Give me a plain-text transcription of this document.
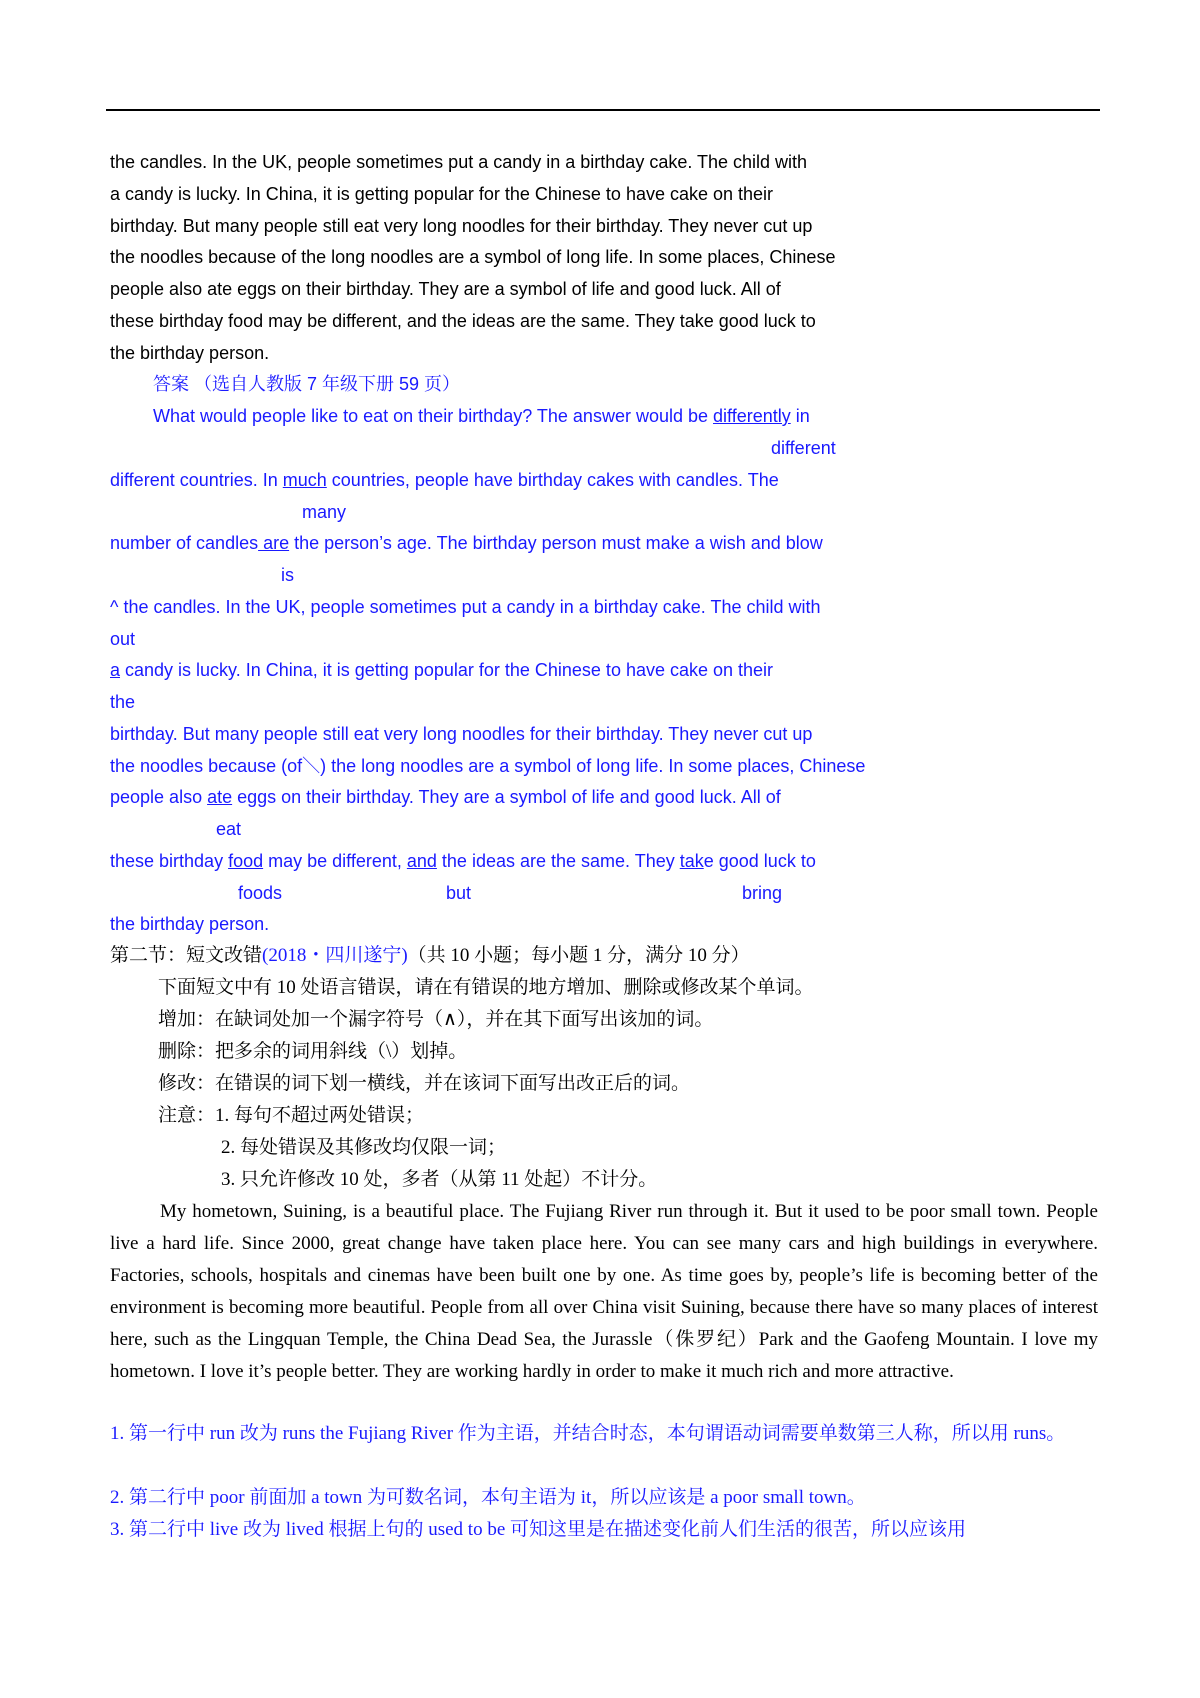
the candles. In the UK, people sometimes put a candy in a birthday cake. The child with
a candy is lucky. In China, it is getting popular for the Chinese to have cake on their
birthday. But many people still eat very long noodles for their birthday. They never cut up
the noodles because of the long noodles are a symbol of long life. In some places, Chinese
people also ate eggs on their birthday. They are a symbol of life and good luck. All of
these birthday food may be different, and the ideas are the same. They take good luck to
the birthday person.
答案 （选自人教版 7 年级下册 59 页）
What would people like to eat on their birthday? The answer would be differently in
different
different countries. In much countries, people have birthday cakes with candles. The
many
number of candles are the person’s age. The birthday person must make a wish and blow
is
^ the candles. In the UK, people sometimes put a candy in a birthday cake. The child with
out
a candy is lucky. In China, it is getting popular for the Chinese to have cake on their
the
birthday. But many people still eat very long noodles for their birthday. They never cut up
the noodles because (of＼) the long noodles are a symbol of long life. In some places, Chinese
people also ate eggs on their birthday. They are a symbol of life and good luck. All of
eat
these birthday food may be different, and the ideas are the same. They take good luck to
foods	but	bring
the birthday person.
第二节：短文改错(2018・四川遂宁)（共 10 小题；每小题 1 分，满分 10 分）
下面短文中有 10 处语言错误，请在有错误的地方增加、删除或修改某个单词。
增加：在缺词处加一个漏字符号（∧），并在其下面写出该加的词。
删除：把多余的词用斜线（\）划掉。
修改：在错误的词下划一横线，并在该词下面写出改正后的词。
注意：1. 每句不超过两处错误；
2. 每处错误及其修改均仅限一词；
3. 只允许修改 10 处，多者（从第 11 处起）不计分。
My hometown, Suining, is a beautiful place. The Fujiang River run through it. But it used to be poor small town. People live a hard life. Since 2000, great change have taken place here. You can see many cars and high buildings in everywhere. Factories, schools, hospitals and cinemas have been built one by one. As time goes by, people’s life is becoming better of the environment is becoming more beautiful. People from all over China visit Suining, because there have so many places of interest here, such as the Lingquan Temple, the China Dead Sea, the Jurassle（侏罗纪）Park and the Gaofeng Mountain. I love my hometown. I love it’s people better. They are working hardly in order to make it much rich and more attractive.
1. 第一行中 run 改为 runs the Fujiang River 作为主语，并结合时态，本句谓语动词需要单数第三人称，所以用 runs。
2. 第二行中 poor 前面加 a town 为可数名词，本句主语为 it，所以应该是 a poor small town。
3. 第二行中 live 改为 lived 根据上句的 used to be 可知这里是在描述变化前人们生活的很苦，所以应该用
